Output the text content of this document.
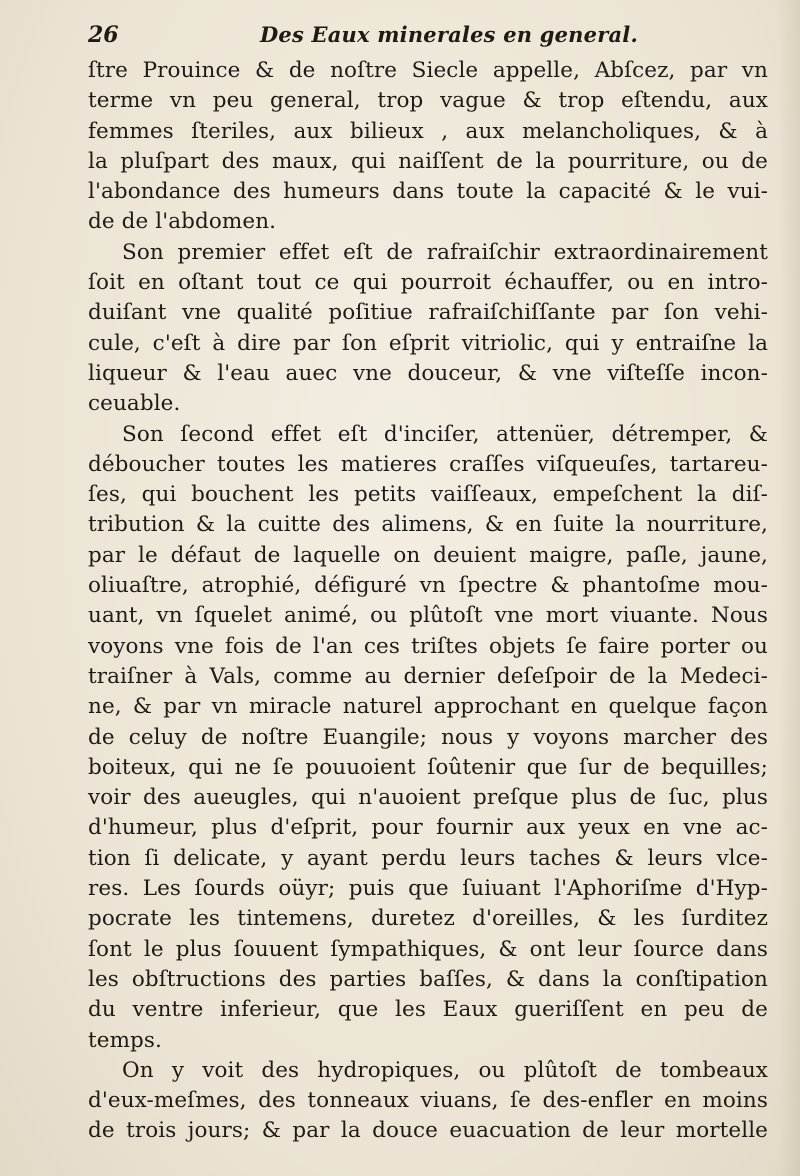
26	Des Eaux minerales en general.
ſtre Prouince & de noſtre Siecle appelle, Abſcez, par vn
terme vn peu general, trop vague & trop eſtendu, aux
femmes ſteriles, aux bilieux , aux melancholiques, & à
la pluſpart des maux, qui naiſſent de la pourriture, ou de
l'abondance des humeurs dans toute la capacité & le vui-
de de l'abdomen.
Son premier effet eſt de rafraiſchir extraordinairement
ſoit en oſtant tout ce qui pourroit échauffer, ou en intro-
duiſant vne qualité poſitiue rafraiſchiſſante par ſon vehi-
cule, c'eſt à dire par ſon eſprit vitriolic, qui y entraiſne la
liqueur & l'eau auec vne douceur, & vne viſteſſe incon-
ceuable.
Son ſecond effet eſt d'inciſer, attenüer, détremper, &
déboucher toutes les matieres craſſes viſqueuſes, tartareu-
ſes, qui bouchent les petits vaiſſeaux, empeſchent la diſ-
tribution & la cuitte des alimens, & en ſuite la nourriture,
par le défaut de laquelle on deuient maigre, paſle, jaune,
oliuaſtre, atrophié, défiguré vn ſpectre & phantoſme mou-
uant, vn ſquelet animé, ou plûtoſt vne mort viuante. Nous
voyons vne fois de l'an ces triſtes objets ſe faire porter ou
traiſner à Vals, comme au dernier deſeſpoir de la Medeci-
ne, & par vn miracle naturel approchant en quelque façon
de celuy de noſtre Euangile; nous y voyons marcher des
boiteux, qui ne ſe pouuoient ſoûtenir que ſur de bequilles;
voir des aueugles, qui n'auoient preſque plus de ſuc, plus
d'humeur, plus d'eſprit, pour fournir aux yeux en vne ac-
tion ſi delicate, y ayant perdu leurs taches & leurs vlce-
res. Les ſourds oüyr; puis que ſuiuant l'Aphoriſme d'Hyp-
pocrate les tintemens, duretez d'oreilles, & les ſurditez
ſont le plus ſouuent ſympathiques, & ont leur ſource dans
les obſtructions des parties baſſes, & dans la conſtipation
du ventre inferieur, que les Eaux gueriſſent en peu de
temps.
On y voit des hydropiques, ou plûtoſt de tombeaux
d'eux-meſmes, des tonneaux viuans, ſe des-enfler en moins
de trois jours; & par la douce euacuation de leur mortelle
